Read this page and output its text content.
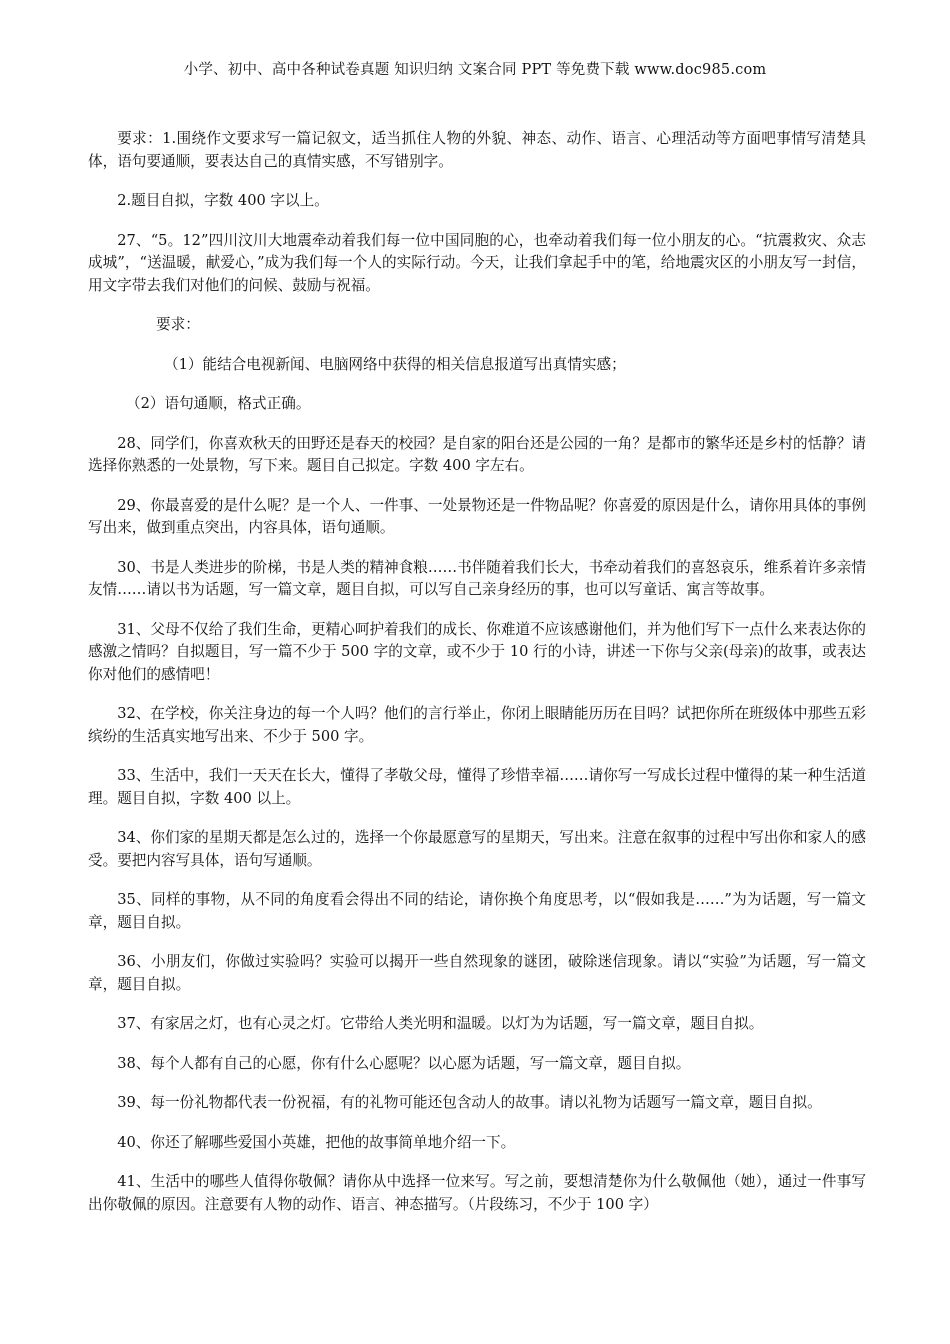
小学、初中、高中各种试卷真题 知识归纳 文案合同 PPT 等免费下载 www.doc985.com

要求：1.围绕作文要求写一篇记叙文，适当抓住人物的外貌、神态、动作、语言、心理活动等方面吧事情写清楚具体，语句要通顺，要表达自己的真情实感，不写错别字。

2.题目自拟，字数 400 字以上。

27、“5。12”四川汶川大地震牵动着我们每一位中国同胞的心，也牵动着我们每一位小朋友的心。“抗震救灾、众志成城”，“送温暖，献爱心，”成为我们每一个人的实际行动。今天，让我们拿起手中的笔，给地震灾区的小朋友写一封信，用文字带去我们对他们的问候、鼓励与祝福。

要求：

（1）能结合电视新闻、电脑网络中获得的相关信息报道写出真情实感；

（2）语句通顺，格式正确。

28、同学们，你喜欢秋天的田野还是春天的校园？是自家的阳台还是公园的一角？是都市的繁华还是乡村的恬静？请选择你熟悉的一处景物，写下来。题目自己拟定。字数 400 字左右。

29、你最喜爱的是什么呢？是一个人、一件事、一处景物还是一件物品呢？你喜爱的原因是什么，请你用具体的事例写出来，做到重点突出，内容具体，语句通顺。

30、书是人类进步的阶梯，书是人类的精神食粮……书伴随着我们长大，书牵动着我们的喜怒哀乐，维系着许多亲情友情……请以书为话题，写一篇文章，题目自拟，可以写自己亲身经历的事，也可以写童话、寓言等故事。

31、父母不仅给了我们生命，更精心呵护着我们的成长、你难道不应该感谢他们，并为他们写下一点什么来表达你的感激之情吗？自拟题目，写一篇不少于 500 字的文章，或不少于 10 行的小诗，讲述一下你与父亲(母亲)的故事，或表达你对他们的感情吧！

32、在学校，你关注身边的每一个人吗？他们的言行举止，你闭上眼睛能历历在目吗？试把你所在班级体中那些五彩缤纷的生活真实地写出来、不少于 500 字。

33、生活中，我们一天天在长大，懂得了孝敬父母，懂得了珍惜幸福……请你写一写成长过程中懂得的某一种生活道理。题目自拟，字数 400 以上。

34、你们家的星期天都是怎么过的，选择一个你最愿意写的星期天，写出来。注意在叙事的过程中写出你和家人的感受。要把内容写具体，语句写通顺。

35、同样的事物，从不同的角度看会得出不同的结论，请你换个角度思考，以“假如我是……”为为话题，写一篇文章，题目自拟。

36、小朋友们，你做过实验吗？实验可以揭开一些自然现象的谜团，破除迷信现象。请以“实验”为话题，写一篇文章，题目自拟。

37、有家居之灯，也有心灵之灯。它带给人类光明和温暖。以灯为为话题，写一篇文章，题目自拟。

38、每个人都有自己的心愿，你有什么心愿呢？以心愿为话题，写一篇文章，题目自拟。

39、每一份礼物都代表一份祝福，有的礼物可能还包含动人的故事。请以礼物为话题写一篇文章，题目自拟。

40、你还了解哪些爱国小英雄，把他的故事简单地介绍一下。

41、生活中的哪些人值得你敬佩？请你从中选择一位来写。写之前，要想清楚你为什么敬佩他（她），通过一件事写出你敬佩的原因。注意要有人物的动作、语言、神态描写。（片段练习，不少于 100 字）
